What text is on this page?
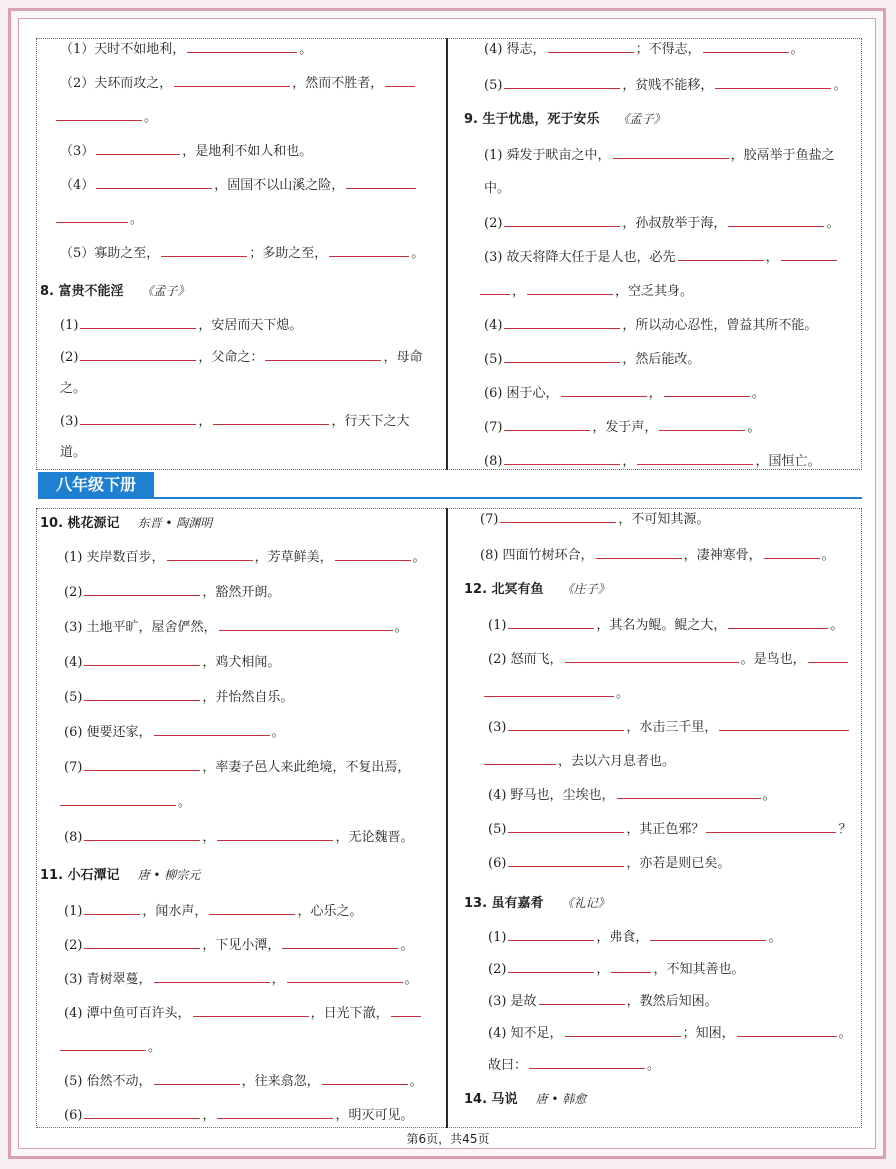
八年级下册
（1）天时不如地利，	。
（2）夫环而攻之，	，然而不胜者，
。
（3）	，是地利不如人和也。
（4）	，固国不以山溪之险，
。
（5）寡助之至，	；多助之至，	。
8. 富贵不能淫 《孟子》
(1)	，安居而天下熄。
(2)	，父命之：	，母命
之。
(3)	，	，行天下之大
道。
(4) 得志，	；不得志，	。
(5)	，贫贱不能移，	。
9. 生于忧患，死于安乐 《孟子》
(1) 舜发于畎亩之中，	，胶鬲举于鱼盐之
中。
(2)	，孙叔敖举于海，	。
(3) 故天将降大任于是人也，必先	，
，	，空乏其身。
(4)	，所以动心忍性，曾益其所不能。
(5)	，然后能改。
(6) 困于心，	，	。
(7)	，发于声，	。
(8)	，	，国恒亡。
10. 桃花源记 东晋 • 陶渊明
(1) 夹岸数百步，	，芳草鲜美，	。
(2)	，豁然开朗。
(3) 土地平旷，屋舍俨然，	。
(4)	，鸡犬相闻。
(5)	，并怡然自乐。
(6) 便要还家，	。
(7)	，率妻子邑人来此绝境，不复出焉，
。
(8)	，	，无论魏晋。
11. 小石潭记 唐 • 柳宗元
(1)	，闻水声，	，心乐之。
(2)	，下见小潭，	。
(3) 青树翠蔓，	，	。
(4) 潭中鱼可百许头，	，日光下澈，
。
(5) 佁然不动，	，往来翕忽，	。
(6)	，	，明灭可见。
(7)	，不可知其源。
(8) 四面竹树环合，	，凄神寒骨，	。
12. 北冥有鱼 《庄子》
(1)	，其名为鲲。鲲之大，	。
(2) 怒而飞，	。是鸟也，
。
(3)	，水击三千里，
，去以六月息者也。
(4) 野马也，尘埃也，	。
(5)	，其正色邪？	？
(6)	，亦若是则已矣。
13. 虽有嘉肴 《礼记》
(1)	，弗食，	。
(2)	，	，不知其善也。
(3) 是故	，教然后知困。
(4) 知不足，	；知困，	。
故曰：	。
14. 马说 唐 • 韩愈
第6页，共45页
